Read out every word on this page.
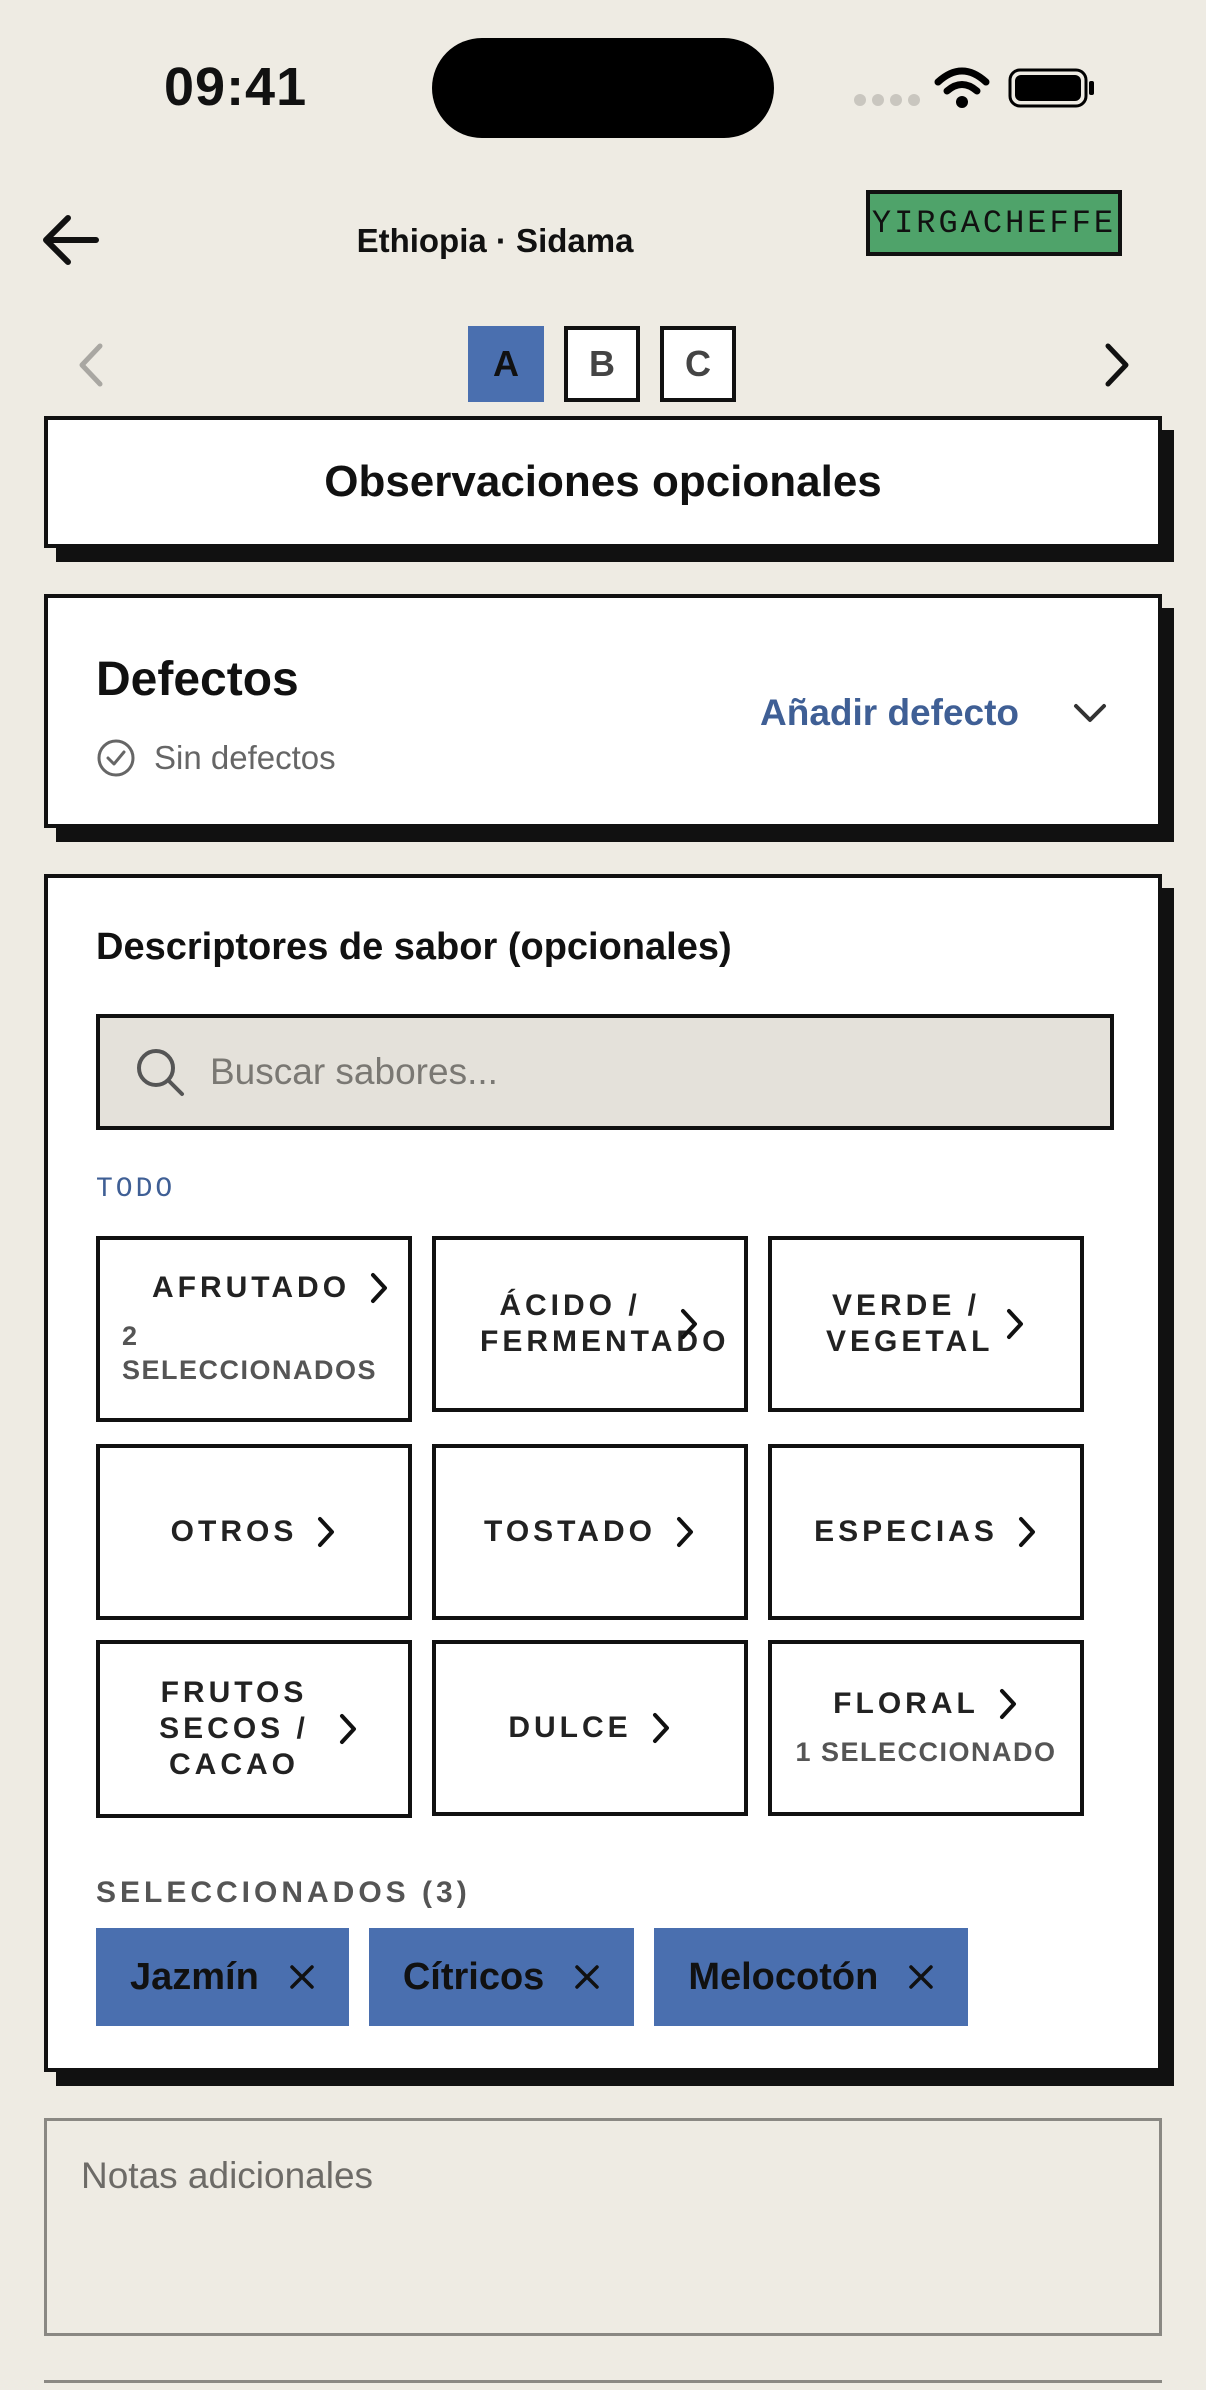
09:41
Ethiopia · Sidama	YIRGACHEFFE
A	B	C
Observaciones opcionales
Defectos
Sin defectos
Añadir defecto
Descriptores de sabor (opcionales)
Buscar sabores...
TODO
AFRUTADO
2 SELECCIONADOS
ÁCIDO / FERMENTADO
VERDE / VEGETAL
OTROS	TOSTADO	ESPECIAS
FRUTOS SECOS / CACAO
DULCE
FLORAL
1 SELECCIONADO
SELECCIONADOS (3)
Jazmín	Cítricos	Melocotón
Notas adicionales
